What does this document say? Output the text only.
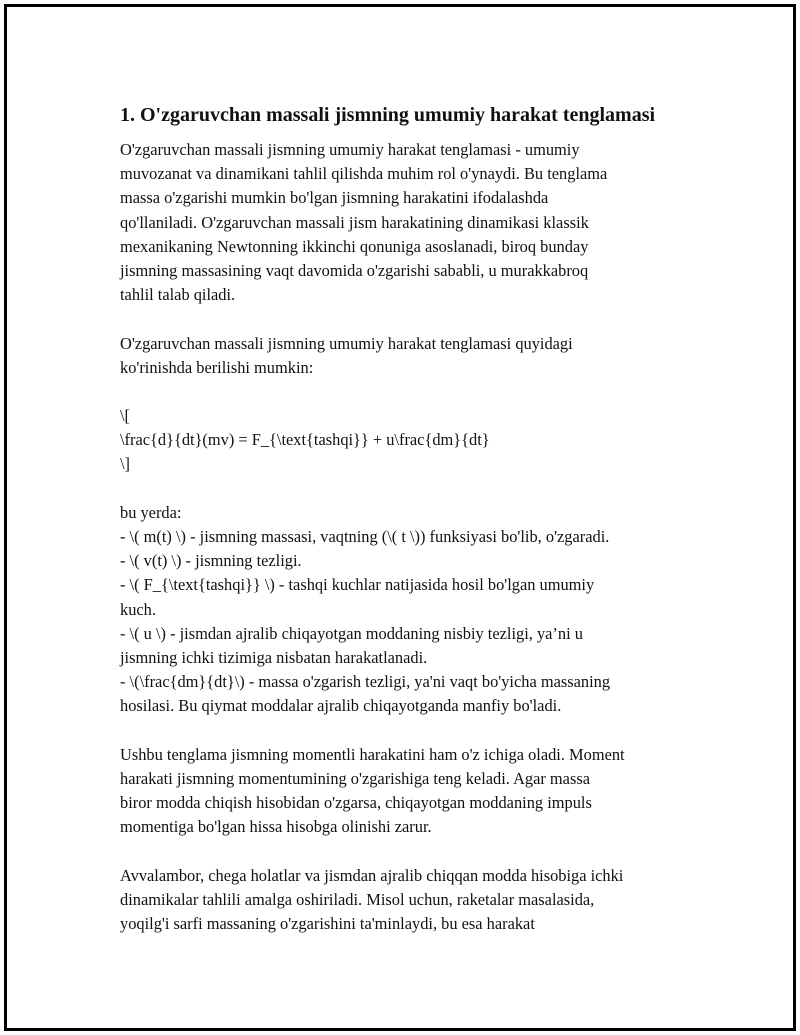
1. O'zgaruvchan massali jismning umumiy harakat tenglamasi

O'zgaruvchan massali jismning umumiy harakat tenglamasi - umumiy
muvozanat va dinamikani tahlil qilishda muhim rol o'ynaydi. Bu tenglama
massa o'zgarishi mumkin bo'lgan jismning harakatini ifodalashda
qo'llaniladi. O'zgaruvchan massali jism harakatining dinamikasi klassik
mexanikaning Newtonning ikkinchi qonuniga asoslanadi, biroq bunday
jismning massasining vaqt davomida o'zgarishi sababli, u murakkabroq
tahlil talab qiladi.

O'zgaruvchan massali jismning umumiy harakat tenglamasi quyidagi
ko'rinishda berilishi mumkin:

\[
\frac{d}{dt}(mv) = F_{\text{tashqi}} + u\frac{dm}{dt}
\]

bu yerda:
- \( m(t) \) - jismning massasi, vaqtning (\( t \)) funksiyasi bo'lib, o'zgaradi.
- \( v(t) \) - jismning tezligi.
- \( F_{\text{tashqi}} \) - tashqi kuchlar natijasida hosil bo'lgan umumiy
kuch.
- \( u \) - jismdan ajralib chiqayotgan moddaning nisbiy tezligi, ya’ni u
jismning ichki tizimiga nisbatan harakatlanadi.
- \(\frac{dm}{dt}\) - massa o'zgarish tezligi, ya'ni vaqt bo'yicha massaning
hosilasi. Bu qiymat moddalar ajralib chiqayotganda manfiy bo'ladi.

Ushbu tenglama jismning momentli harakatini ham o'z ichiga oladi. Moment
harakati jismning momentumining o'zgarishiga teng keladi. Agar massa
biror modda chiqish hisobidan o'zgarsa, chiqayotgan moddaning impuls
momentiga bo'lgan hissa hisobga olinishi zarur.

Avvalambor, chega holatlar va jismdan ajralib chiqqan modda hisobiga ichki
dinamikalar tahlili amalga oshiriladi. Misol uchun, raketalar masalasida,
yoqilg'i sarfi massaning o'zgarishini ta'minlaydi, bu esa harakat
